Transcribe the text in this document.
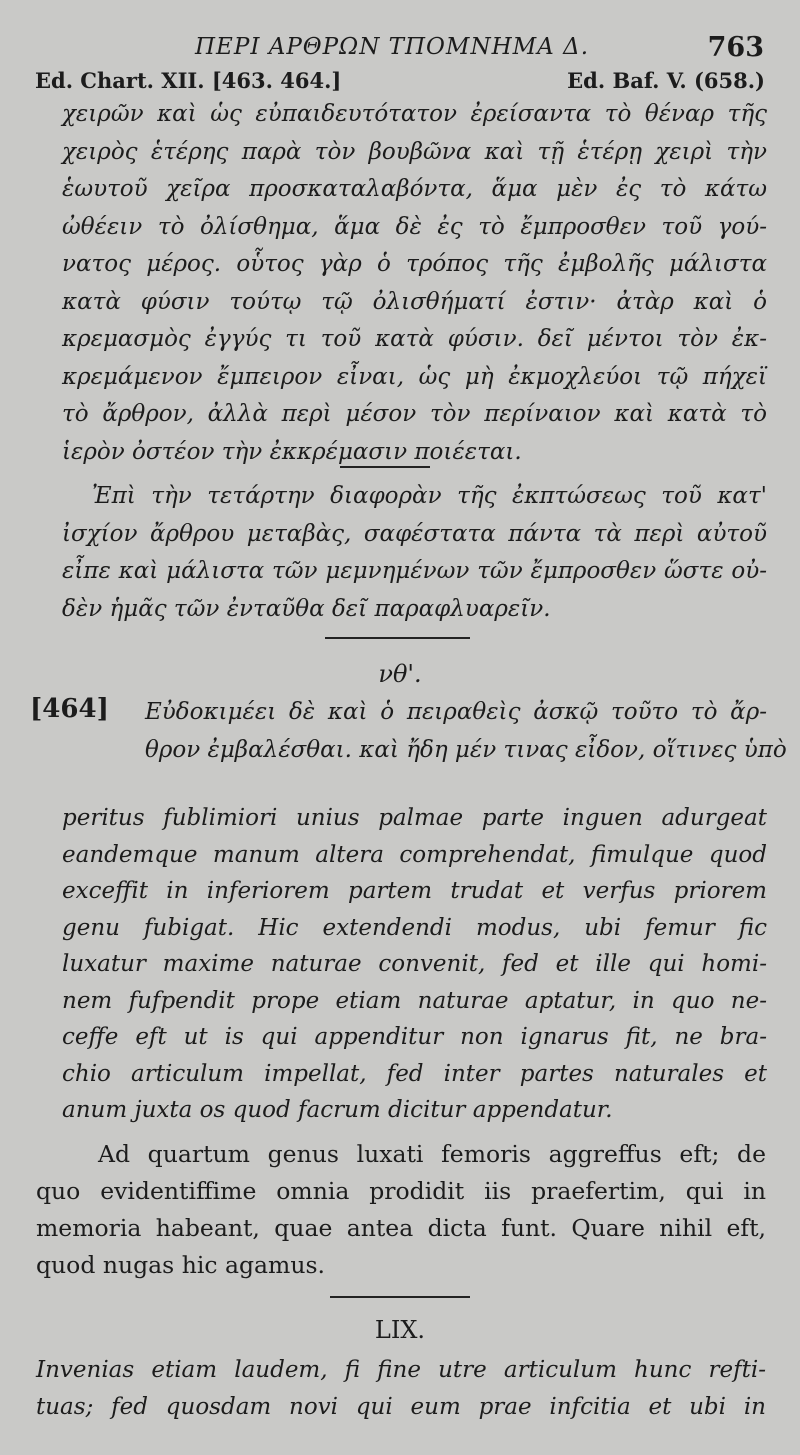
ΠΕΡΙ ΑΡΘΡΩΝ ΤΠΟΜΝΗΜΑ Δ.	763
Ed. Chart. XII. [463. 464.]	Ed. Baf. V. (658.)
χειρῶν καὶ ὡς εὐπαιδευτότατον ἐρείσαντα τὸ θέναρ τῆς
χειρὸς ἑτέρης παρὰ τὸν βουβῶνα καὶ τῇ ἑτέρῃ χειρὶ τὴν
ἑωυτοῦ χεῖρα προσκαταλαβόντα, ἅμα μὲν ἐς τὸ κάτω
ὠθέειν τὸ ὀλίσθημα, ἅμα δὲ ἐς τὸ ἔμπροσθεν τοῦ γού-
νατος μέρος. οὗτος γὰρ ὁ τρόπος τῆς ἐμβολῆς μάλιστα
κατὰ φύσιν τούτῳ τῷ ὀλισθήματί ἐστιν· ἀτὰρ καὶ ὁ
κρεμασμὸς ἐγγύς τι τοῦ κατὰ φύσιν. δεῖ μέντοι τὸν ἐκ-
κρεμάμενον ἔμπειρον εἶναι, ὡς μὴ ἐκμοχλεύοι τῷ πήχεϊ
τὸ ἄρθρον, ἀλλὰ περὶ μέσον τὸν περίναιον καὶ κατὰ τὸ
ἱερὸν ὀστέον τὴν ἐκκρέμασιν ποιέεται.
Ἐπὶ τὴν τετάρτην διαφορὰν τῆς ἐκπτώσεως τοῦ κατ'
ἰσχίον ἄρθρου μεταβὰς, σαφέστατα πάντα τὰ περὶ αὐτοῦ
εἶπε καὶ μάλιστα τῶν μεμνημένων τῶν ἔμπροσθεν ὥστε οὐ-
δὲν ἡμᾶς τῶν ἐνταῦθα δεῖ παραφλυαρεῖν.
νθ'.
[464] Εὐδοκιμέει δὲ καὶ ὁ πειραθεὶς ἀσκῷ τοῦτο τὸ ἄρ-
θρον ἐμβαλέσθαι. καὶ ἤδη μέν τινας εἶδον, οἵτινες ὑπὸ
peritus fublimiori unius palmae parte inguen adurgeat
eandemque manum altera comprehendat, fimulque quod
exceffit in inferiorem partem trudat et verfus priorem
genu fubigat. Hic extendendi modus, ubi femur fic
luxatur maxime naturae convenit, fed et ille qui homi-
nem fufpendit prope etiam naturae aptatur, in quo ne-
ceffe eft ut is qui appenditur non ignarus fit, ne bra-
chio articulum impellat, fed inter partes naturales et
anum juxta os quod facrum dicitur appendatur.
Ad quartum genus luxati femoris aggreffus eft; de
quo evidentiffime omnia prodidit iis praefertim, qui in
memoria habeant, quae antea dicta funt. Quare nihil eft,
quod nugas hic agamus.
LIX.
Invenias etiam laudem, fi fine utre articulum hunc refti-
tuas; fed quosdam novi qui eum prae infcitia et ubi in
